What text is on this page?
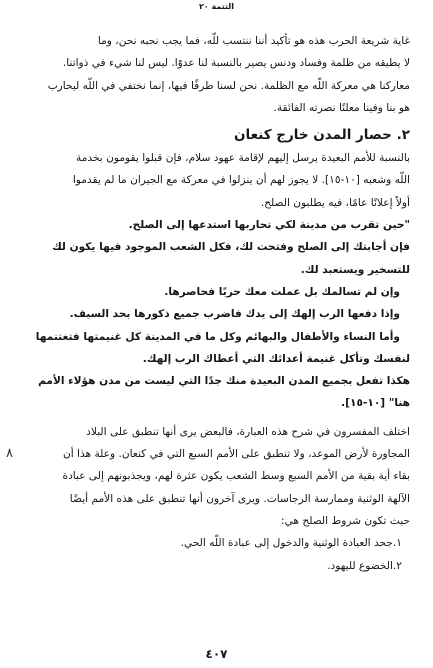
التتمة ٢٠

غاية شريعة الحرب هذه هو تأكيد أننا ننتسب للّه، فما يجب نحبه نحن، وما

لا يطيقه من ظلمة وفساد ودنس يصير بالنسبة لنا عدوًا. ليس لنا شيء في ذواتنا.

معاركنا هي معركة اللّه مع الظلمة. نحن لسنا طرفًا فيها، إنما نختفي في اللّه ليحارب

هو بنا وفينا معلنًا نصرته الفائقة.

٢. حصار المدن خارج كنعان

بالنسبة للأمم البعيدة يرسل إليهم لإقامة عهود سلام، فإن قبلوا يقومون بخدمة

اللّه وشعبه [١٠-١٥]. لا يجوز لهم أن ينزلوا في معركة مع الجيران ما لم يقدموا

أولاً إعلانًا عامًا، فيه يطلبون الصلح.

"حين تقرب من مدينة لكي تحاربها استدعها إلى الصلح.

فإن أجابتك إلى الصلح وفتحت لك، فكل الشعب الموجود فيها يكون لك

للتسخير ويستعبد لك.

وإن لم تسالمك بل عملت معك حربًا فحاصرها.

وإذا دفعها الرب إلهك إلى يدك فاضرب جميع ذكورها بحد السيف.

وأما النساء والأطفال والبهائم وكل ما في المدينة كل غنيمتها فتغتنمها

لنفسك وتأكل غنيمة أعدائك التي أعطاك الرب إلهك.

هكذا تفعل بجميع المدن البعيدة منك جدًا التي ليست من مدن هؤلاء الأمم

هنا" [١٠-١٥].

اختلف المفسرون في شرح هذه العبارة، فالبعض يرى أنها تنطبق على البلاد

المجاورة لأرض الموعد، ولا تنطبق على الأمم السبع التي في كنعان. وعلة هذا أن

بقاء أية بقية من الأمم السبع وسط الشعب يكون عثرة لهم، ويجذبونهم إلى عبادة

الآلهة الوثنية وممارسة الرجاسات. ويرى آخرون أنها تنطبق على هذه الأمم أيضًا

حيث تكون شروط الصلح هي:

١.جحد العبادة الوثنية والدخول إلى عبادة اللّه الحي.

٢.الخضوع لليهود.

٨
٤٠٧
